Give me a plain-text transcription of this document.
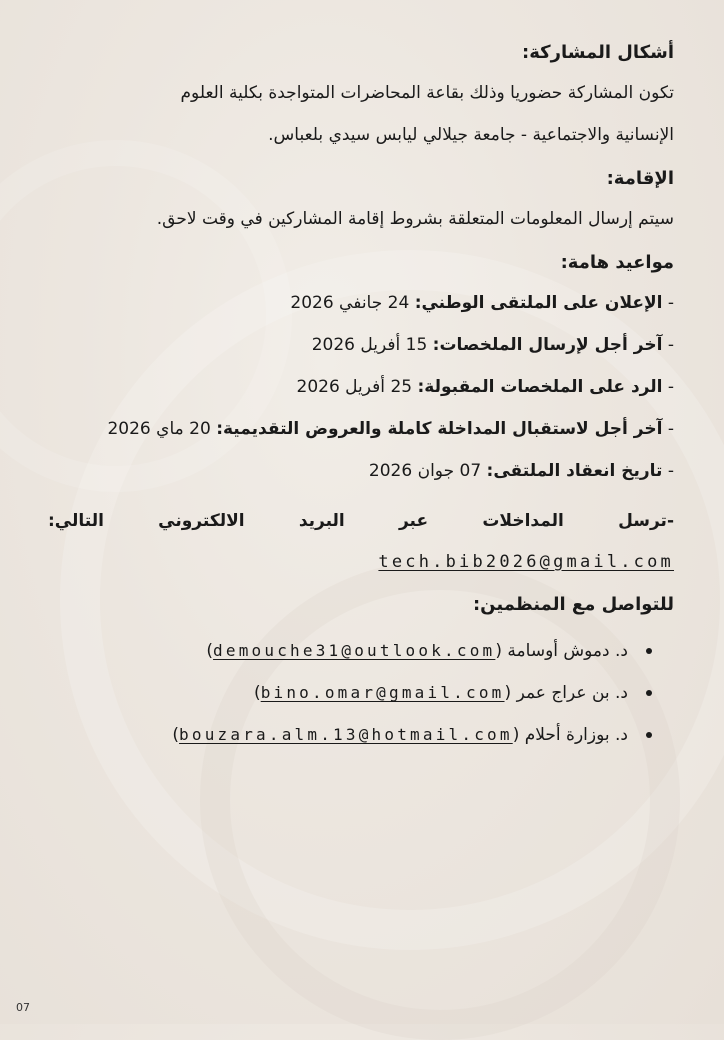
أشكال المشاركة:

تكون المشاركة حضوريا وذلك بقاعة المحاضرات المتواجدة بكلية العلوم

الإنسانية والاجتماعية - جامعة جيلالي ليابس سيدي بلعباس.

الإقامة:

سيتم إرسال المعلومات المتعلقة بشروط إقامة المشاركين في وقت لاحق.

مواعيد هامة:
- الإعلان على الملتقى الوطني: 24 جانفي 2026
- آخر أجل لإرسال الملخصات: 15 أفريل 2026
- الرد على الملخصات المقبولة: 25 أفريل 2026
- آخر أجل لاستقبال المداخلة كاملة والعروض التقديمية: 20 ماي 2026
- تاريخ انعقاد الملتقى: 07 جوان 2026
-ترسل المداخلات عبر البريد الالكتروني التالي:
tech.bib2026@gmail.com
للتواصل مع المنظمين:
د. دموش أوسامة
(
demouche31@outlook.com
)
د. بن عراج عمر
(
bino.omar@gmail.com
)
د. بوزارة أحلام
(
bouzara.alm.13@hotmail.com
)
07
